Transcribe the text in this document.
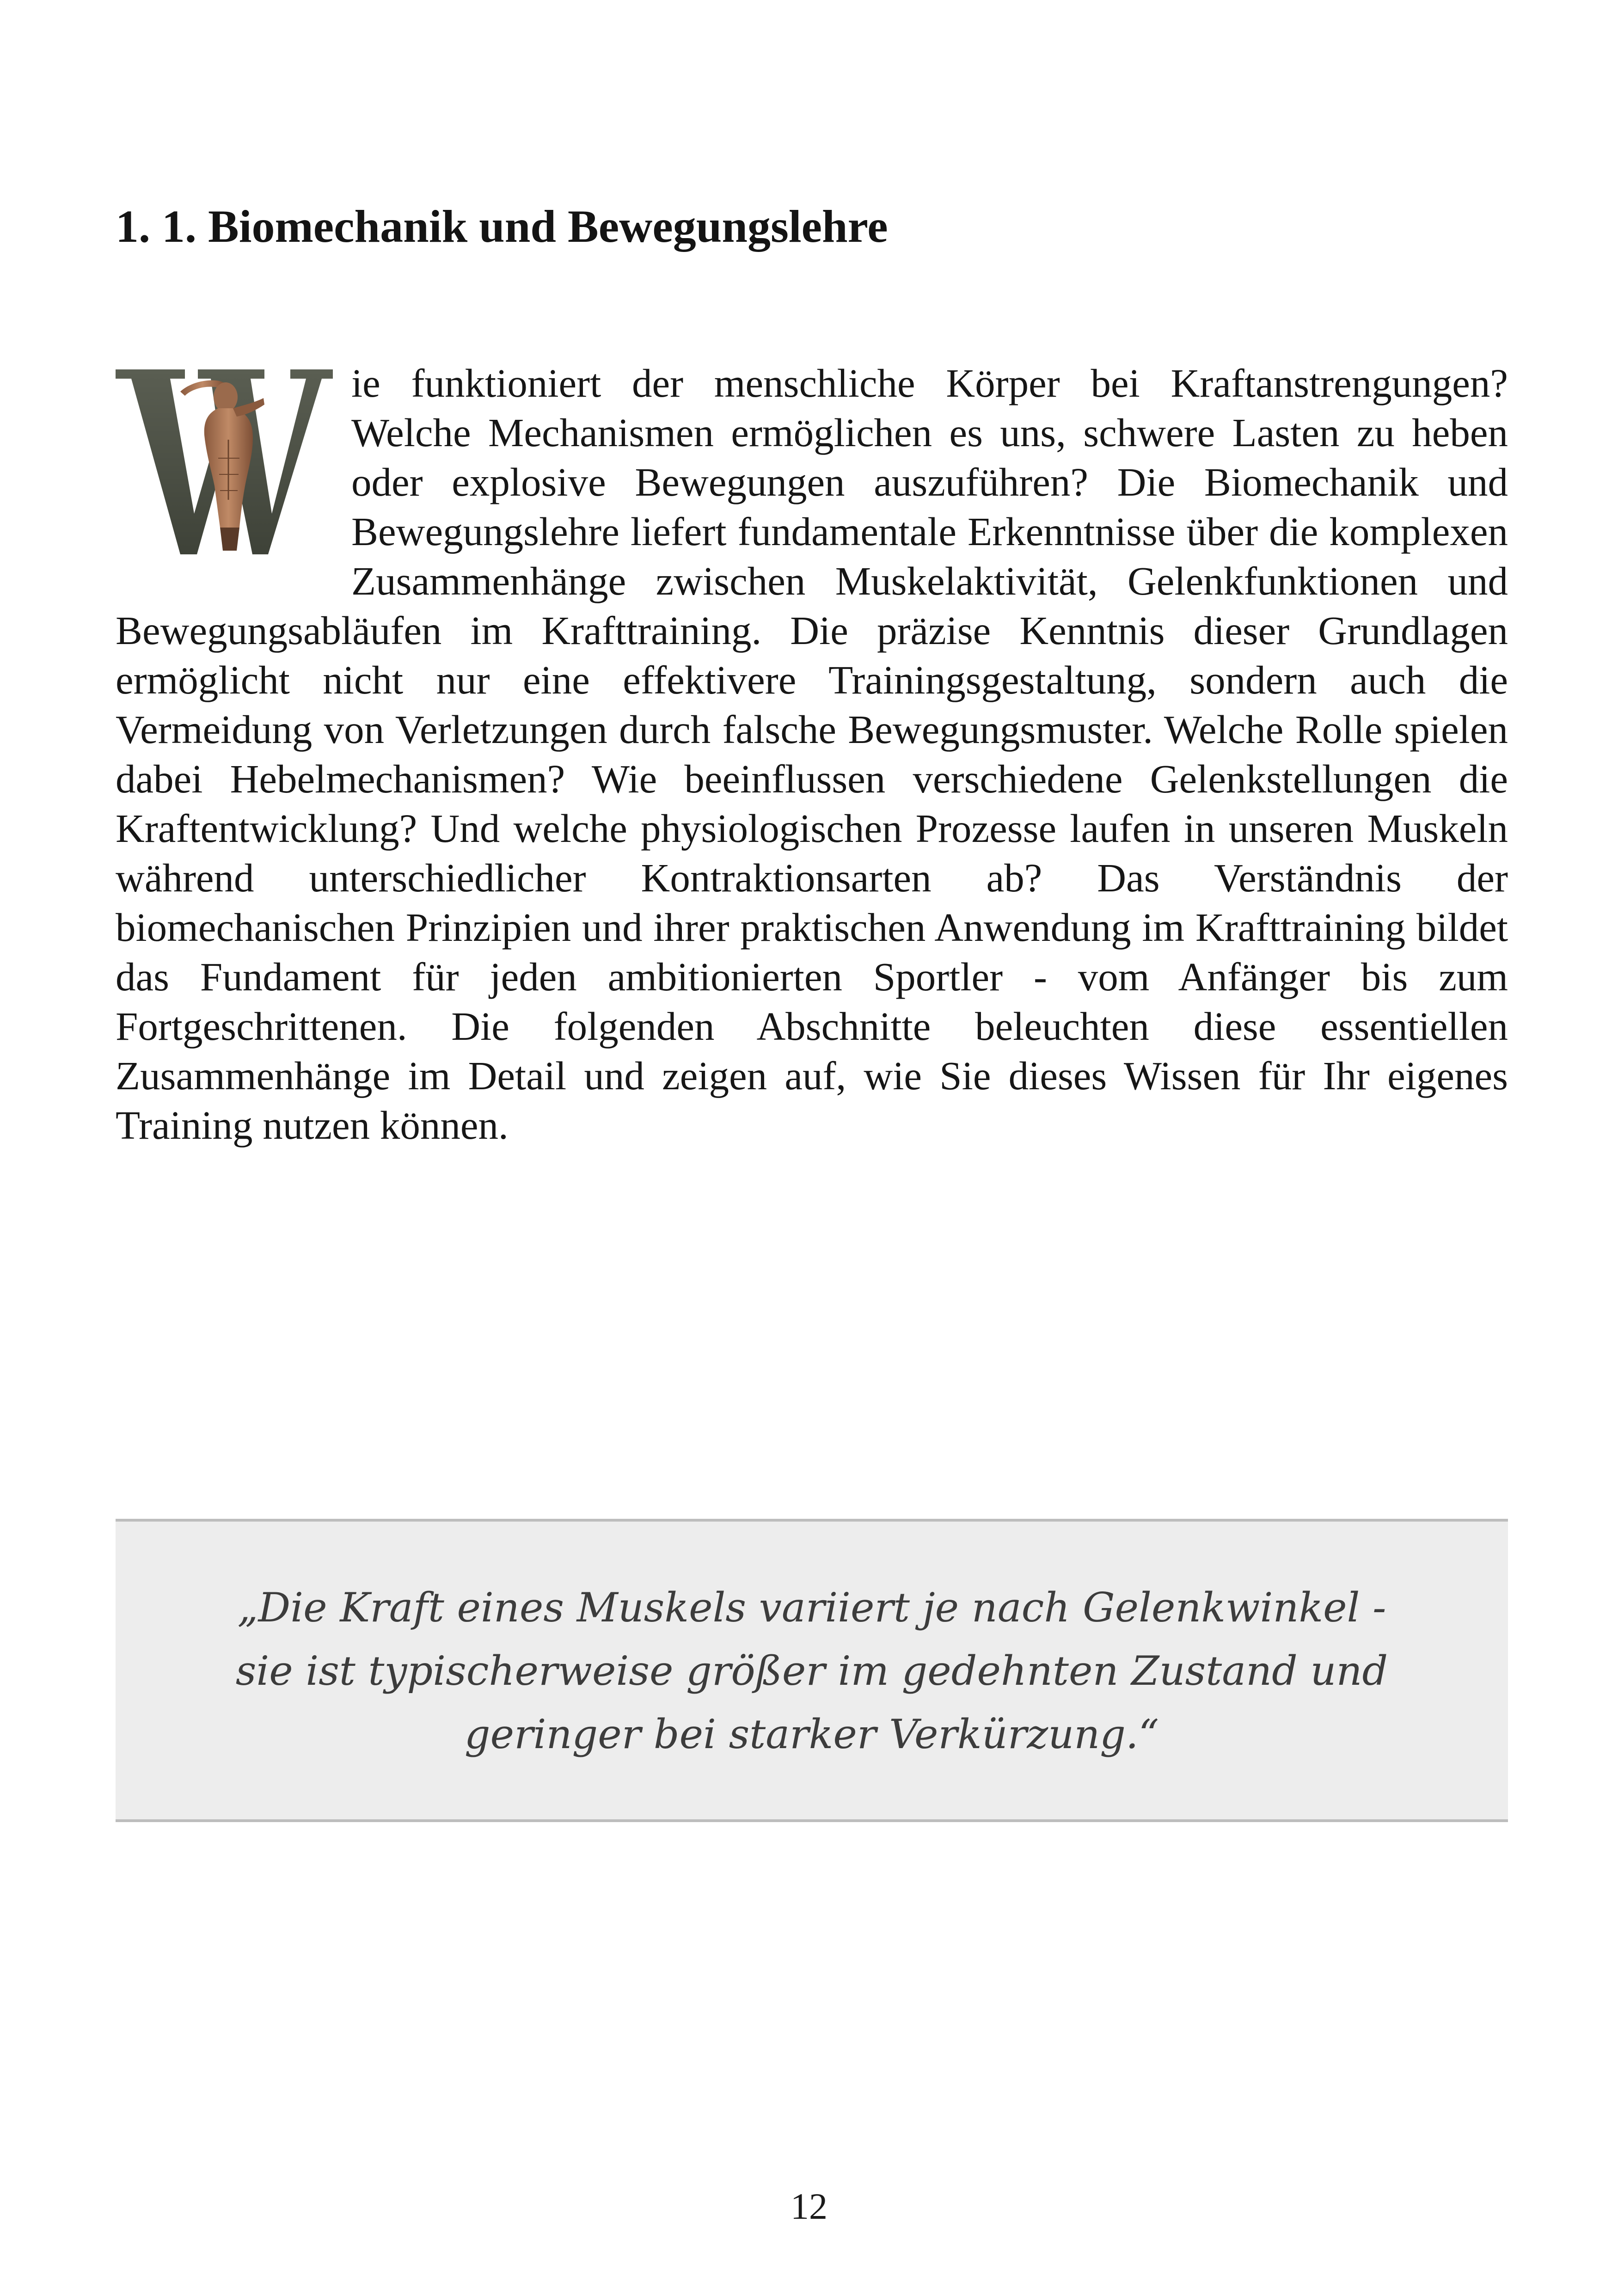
1. 1. Biomechanik und Bewegungslehre

ie funktioniert der menschliche Körper bei Kraftanstrengungen? Welche Mechanismen ermöglichen es uns, schwere Lasten zu heben oder explosive Bewegungen auszuführen? Die Biomechanik und Bewegungslehre liefert fundamentale Erkenntnisse über die komplexen Zusammenhänge zwischen Muskelaktivität, Gelenkfunktionen und Bewegungsabläufen im Krafttraining. Die präzise Kenntnis dieser Grundlagen ermöglicht nicht nur eine effektivere Trainingsgestaltung, sondern auch die Vermeidung von Verletzungen durch falsche Bewegungsmuster. Welche Rolle spielen dabei Hebelmechanismen? Wie beeinflussen verschiedene Gelenkstellungen die Kraftentwicklung? Und welche physiologischen Prozesse laufen in unseren Muskeln während unterschiedlicher Kontraktionsarten ab? Das Verständnis der biomechanischen Prinzipien und ihrer praktischen Anwendung im Krafttraining bildet das Fundament für jeden ambitionierten Sportler - vom Anfänger bis zum Fortgeschrittenen. Die folgenden Abschnitte beleuchten diese essentiellen Zusammenhänge im Detail und zeigen auf, wie Sie dieses Wissen für Ihr eigenes Training nutzen können.

„Die Kraft eines Muskels variiert je nach Gelenkwinkel -
sie ist typischerweise größer im gedehnten Zustand und
geringer bei starker Verkürzung.“

12
